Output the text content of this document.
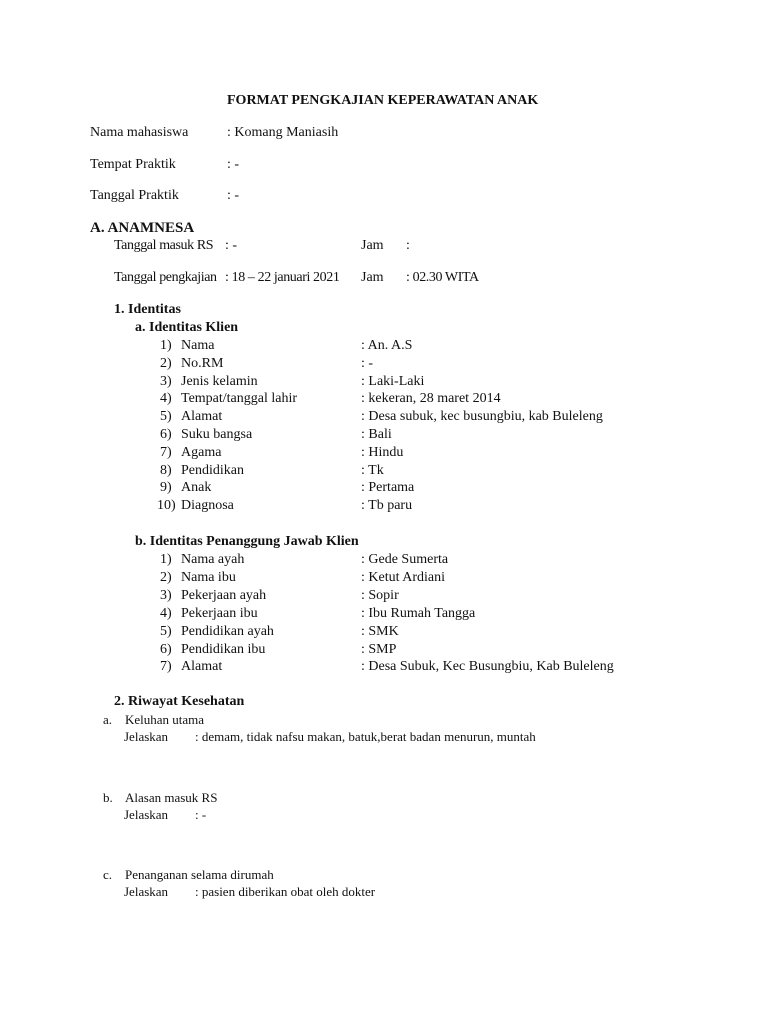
FORMAT PENGKAJIAN KEPERAWATAN ANAK
Nama mahasiswa	: Komang Maniasih
Tempat Praktik	: -
Tanggal Praktik	: -
A. ANAMNESA
Tanggal masuk RS : -	Jam :
Tanggal pengkajian : 18 – 22 januari 2021 Jam : 02.30 WITA
1. Identitas
a. Identitas Klien
1) Nama	: An. A.S
2) No.RM	: -
3) Jenis kelamin	: Laki-Laki
4) Tempat/tanggal lahir	: kekeran, 28 maret 2014
5) Alamat	: Desa subuk, kec busungbiu, kab Buleleng
6) Suku bangsa	: Bali
7) Agama	: Hindu
8) Pendidikan	: Tk
9) Anak	: Pertama
10) Diagnosa	: Tb paru
b. Identitas Penanggung Jawab Klien
1) Nama ayah	: Gede Sumerta
2) Nama ibu	: Ketut Ardiani
3) Pekerjaan ayah	: Sopir
4) Pekerjaan ibu	: Ibu Rumah Tangga
5) Pendidikan ayah	: SMK
6) Pendidikan ibu	: SMP
7) Alamat	: Desa Subuk, Kec Busungbiu, Kab Buleleng
2. Riwayat Kesehatan
a. Keluhan utama
Jelaskan : demam, tidak nafsu makan, batuk,berat badan menurun, muntah
b. Alasan masuk RS
Jelaskan : -
c. Penanganan selama dirumah
Jelaskan : pasien diberikan obat oleh dokter
